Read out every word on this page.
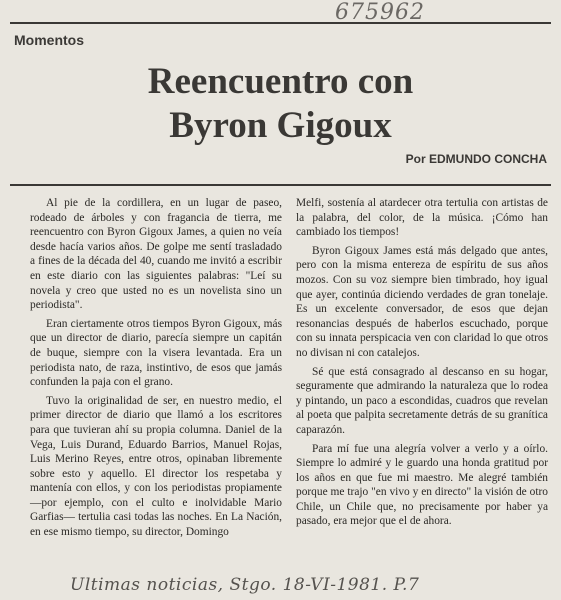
675962
Momentos
Reencuentro con
Byron Gigoux
Por EDMUNDO CONCHA

Al pie de la cordillera, en un lugar de paseo, rodeado de árboles y con fragancia de tierra, me reencuentro con Byron Gigoux James, a quien no veía desde hacía varios años. De golpe me sentí trasladado a fines de la década del 40, cuando me invitó a escribir en este diario con las siguientes palabras: "Leí su novela y creo que usted no es un novelista sino un periodista".

Eran ciertamente otros tiempos Byron Gigoux, más que un director de diario, parecía siempre un capitán de buque, siempre con la visera levantada. Era un periodista nato, de raza, instintivo, de esos que jamás confunden la paja con el grano.

Tuvo la originalidad de ser, en nuestro medio, el primer director de diario que llamó a los escritores para que tuvieran ahí su propia columna. Daniel de la Vega, Luis Durand, Eduardo Barrios, Manuel Rojas, Luis Merino Reyes, entre otros, opinaban libremente sobre esto y aquello. El director los respetaba y mantenía con ellos, y con los periodistas propiamente —por ejemplo, con el culto e inolvidable Mario Garfias— tertulia casi todas las noches. En La Nación, en ese mismo tiempo, su director, Domingo

Melfi, sostenía al atardecer otra tertulia con artistas de la palabra, del color, de la música. ¡Cómo han cambiado los tiempos!

Byron Gigoux James está más delgado que antes, pero con la misma entereza de espíritu de sus años mozos. Con su voz siempre bien timbrado, hoy igual que ayer, continúa diciendo verdades de gran tonelaje. Es un excelente conversador, de esos que dejan resonancias después de haberlos escuchado, porque con su innata perspicacia ven con claridad lo que otros no divisan ni con catalejos.

Sé que está consagrado al descanso en su hogar, seguramente que admirando la naturaleza que lo rodea y pintando, un paco a escondidas, cuadros que revelan al poeta que palpita secretamente detrás de su granítica caparazón.

Para mí fue una alegría volver a verlo y a oírlo. Siempre lo admiré y le guardo una honda gratitud por los años en que fue mi maestro. Me alegré también porque me trajo "en vivo y en directo" la visión de otro Chile, un Chile que, no precisamente por haber ya pasado, era mejor que el de ahora.

Ultimas noticias, Stgo. 18-VI-1981. P.7
